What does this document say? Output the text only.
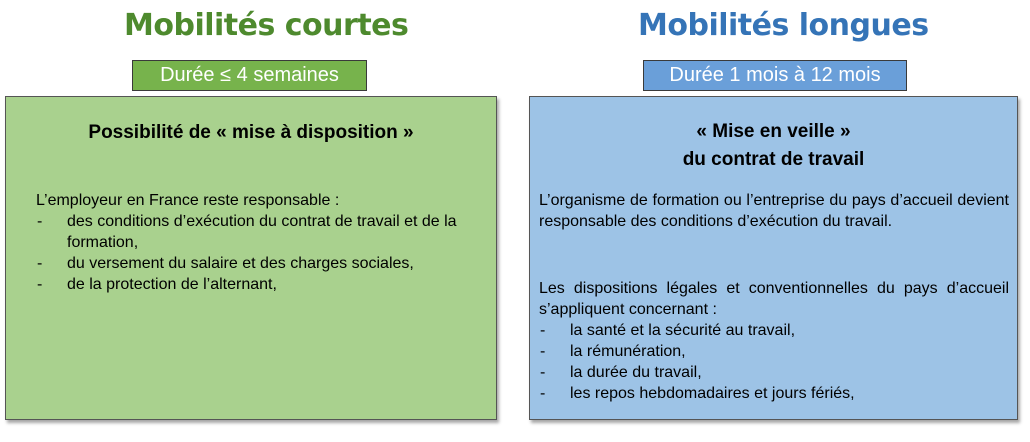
Mobilités courtes
Durée ≤ 4 semaines
Possibilité de « mise à disposition »
L’employeur en France reste responsable :
- des conditions d’exécution du contrat de travail et de la formation,
- du versement du salaire et des charges sociales,
- de la protection de l’alternant,
Mobilités longues
Durée 1 mois à 12 mois
« Mise en veille »
du contrat de travail
L’organisme de formation ou l’entreprise du pays d’accueil devient responsable des conditions d’exécution du travail.
Les dispositions légales et conventionnelles du pays d’accueil s’appliquent concernant :
- la santé et la sécurité au travail,
- la rémunération,
- la durée du travail,
- les repos hebdomadaires et jours fériés,
